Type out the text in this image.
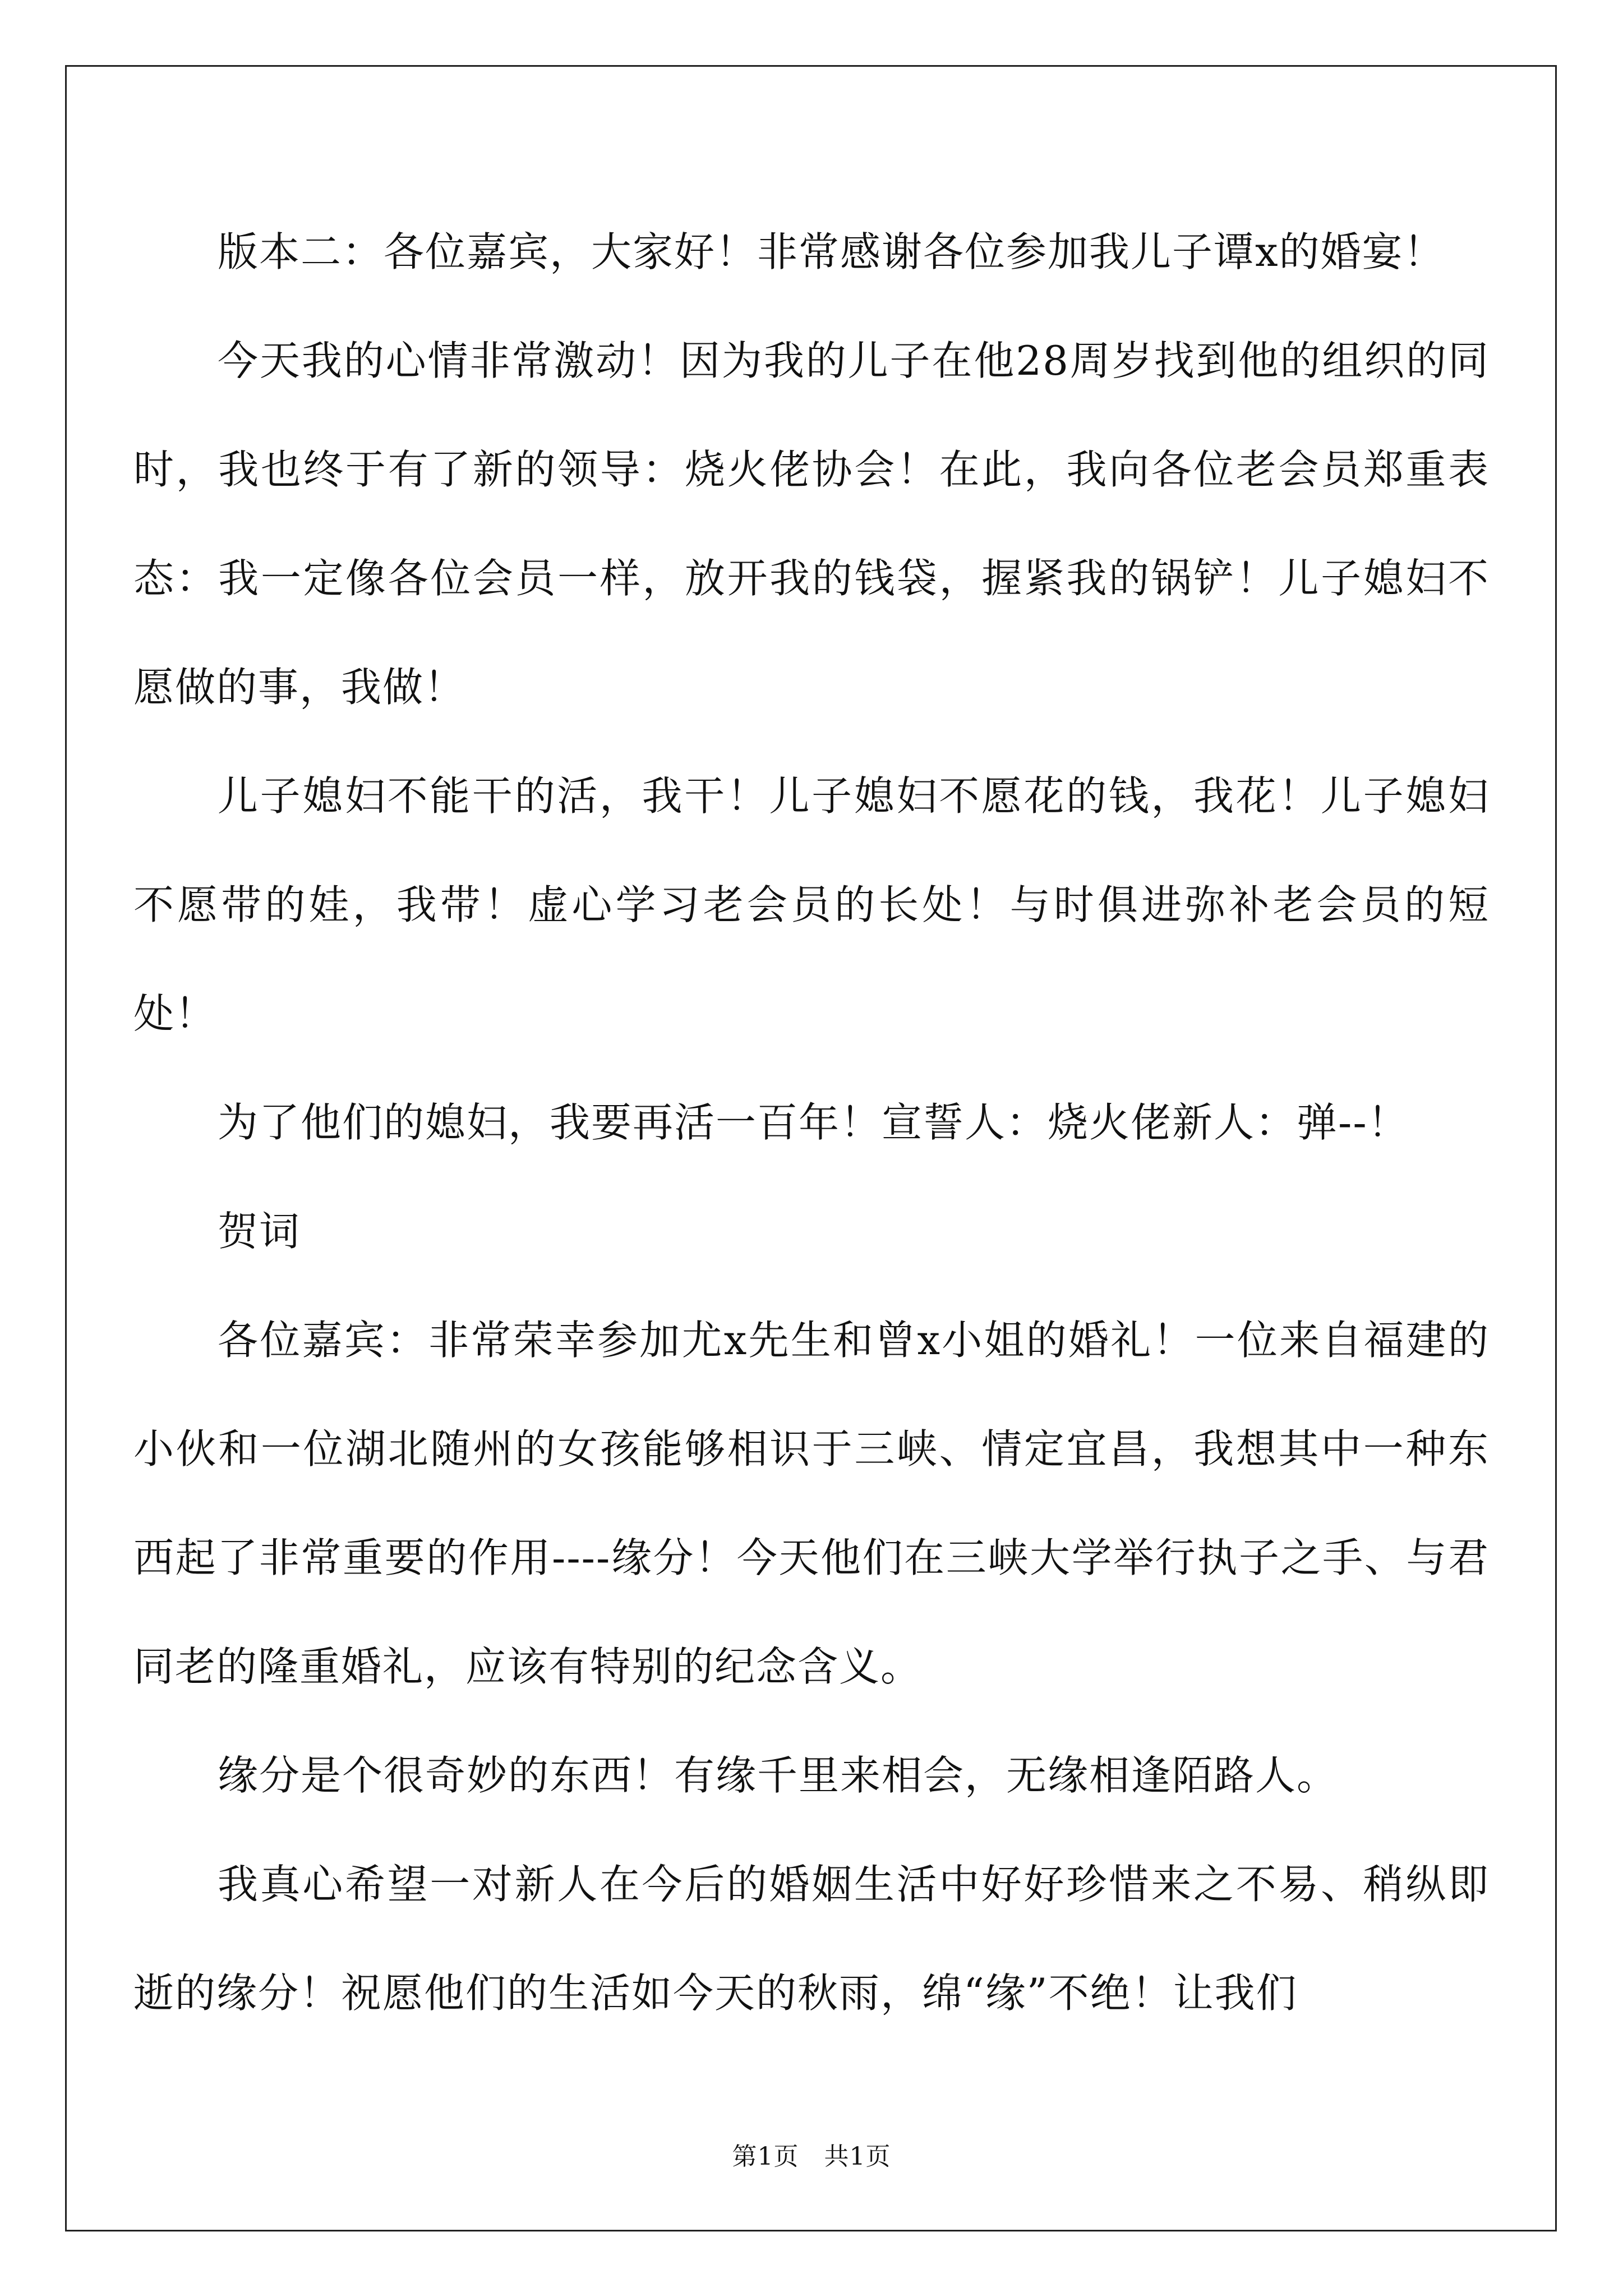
版本二：各位嘉宾，大家好！非常感谢各位参加我儿子谭x的婚宴！

今天我的心情非常激动！因为我的儿子在他28周岁找到他的组织的同时，我也终于有了新的领导：烧火佬协会！在此，我向各位老会员郑重表态：我一定像各位会员一样，放开我的钱袋，握紧我的锅铲！儿子媳妇不愿做的事，我做！

儿子媳妇不能干的活，我干！儿子媳妇不愿花的钱，我花！儿子媳妇不愿带的娃，我带！虚心学习老会员的长处！与时俱进弥补老会员的短处！

为了他们的媳妇，我要再活一百年！宣誓人：烧火佬新人：弹--！

贺词

各位嘉宾：非常荣幸参加尤x先生和曾x小姐的婚礼！一位来自福建的小伙和一位湖北随州的女孩能够相识于三峡、情定宜昌，我想其中一种东西起了非常重要的作用----缘分！今天他们在三峡大学举行执子之手、与君同老的隆重婚礼，应该有特别的纪念含义。

缘分是个很奇妙的东西！有缘千里来相会，无缘相逢陌路人。

我真心希望一对新人在今后的婚姻生活中好好珍惜来之不易、稍纵即逝的缘分！祝愿他们的生活如今天的秋雨，绵“缘”不绝！让我们

第1页　共1页
